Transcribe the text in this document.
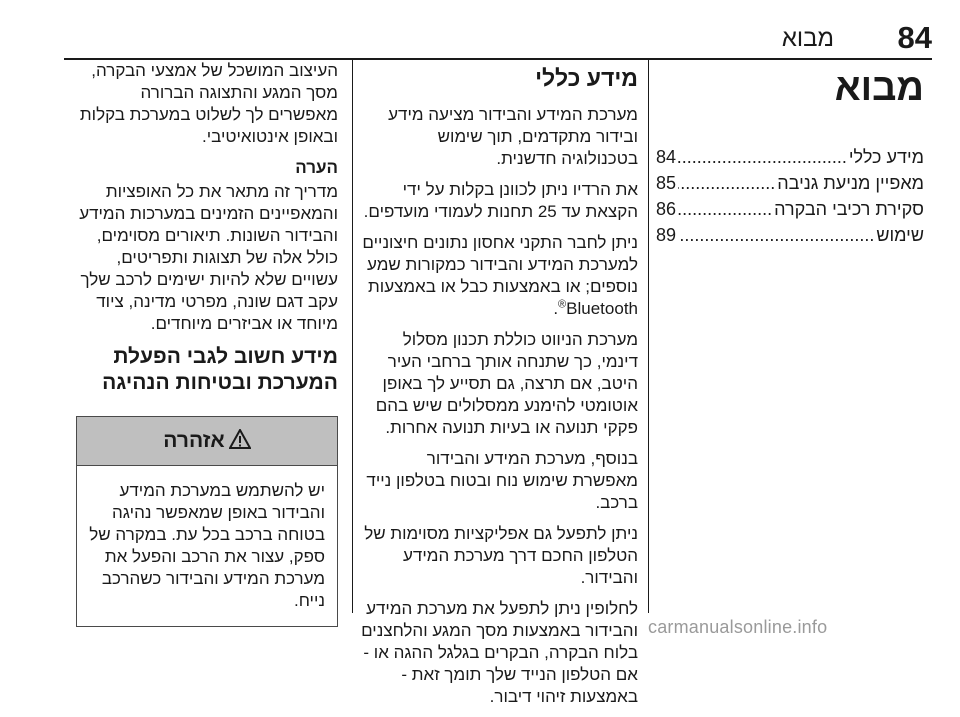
84
מבוא
מבוא
מידע כללי
.....
84
מאפיין מניעת גניבה
.....
85
סקירת רכיבי הבקרה
.....
86
שימוש
.....
89
מידע כללי

מערכת המידע והבידור מציעה מידע ובידור מתקדמים, תוך שימוש בטכנולוגיה חדשנית.

את הרדיו ניתן לכוונן בקלות על ידי הקצאת עד 25 תחנות לעמודי מועדפים.

ניתן לחבר התקני אחסון נתונים חיצוניים למערכת המידע והבידור כמקורות שמע נוספים; או באמצעות כבל או באמצעות Bluetooth®.

מערכת הניווט כוללת תכנון מסלול דינמי, כך שתנחה אותך ברחבי העיר היטב, אם תרצה, גם תסייע לך באופן אוטומטי להימנע ממסלולים שיש בהם פקקי תנועה או בעיות תנועה אחרות.

בנוסף, מערכת המידע והבידור מאפשרת שימוש נוח ובטוח בטלפון נייד ברכב.

ניתן לתפעל גם אפליקציות מסוימות של הטלפון החכם דרך מערכת המידע והבידור.

לחלופין ניתן לתפעל את מערכת המידע והבידור באמצעות מסך המגע והלחצנים בלוח הבקרה, הבקרים בגלגל ההגה או - אם הטלפון הנייד שלך תומך זאת - באמצעות זיהוי דיבור.

העיצוב המושכל של אמצעי הבקרה, מסך המגע והתצוגה הברורה מאפשרים לך לשלוט במערכת בקלות ובאופן אינטואיטיבי.

הערה

מדריך זה מתאר את כל האופציות והמאפיינים הזמינים במערכות המידע והבידור השונות. תיאורים מסוימים, כולל אלה של תצוגות ותפריטים, עשויים שלא להיות ישימים לרכב שלך עקב דגם שונה, מפרטי מדינה, ציוד מיוחד או אביזרים מיוחדים.

מידע חשוב לגבי הפעלת המערכת ובטיחות הנהיגה
אזהרה
יש להשתמש במערכת המידע והבידור באופן שמאפשר נהיגה בטוחה ברכב בכל עת. במקרה של ספק, עצור את הרכב והפעל את מערכת המידע והבידור כשהרכב נייח.
carmanualsonline.info
